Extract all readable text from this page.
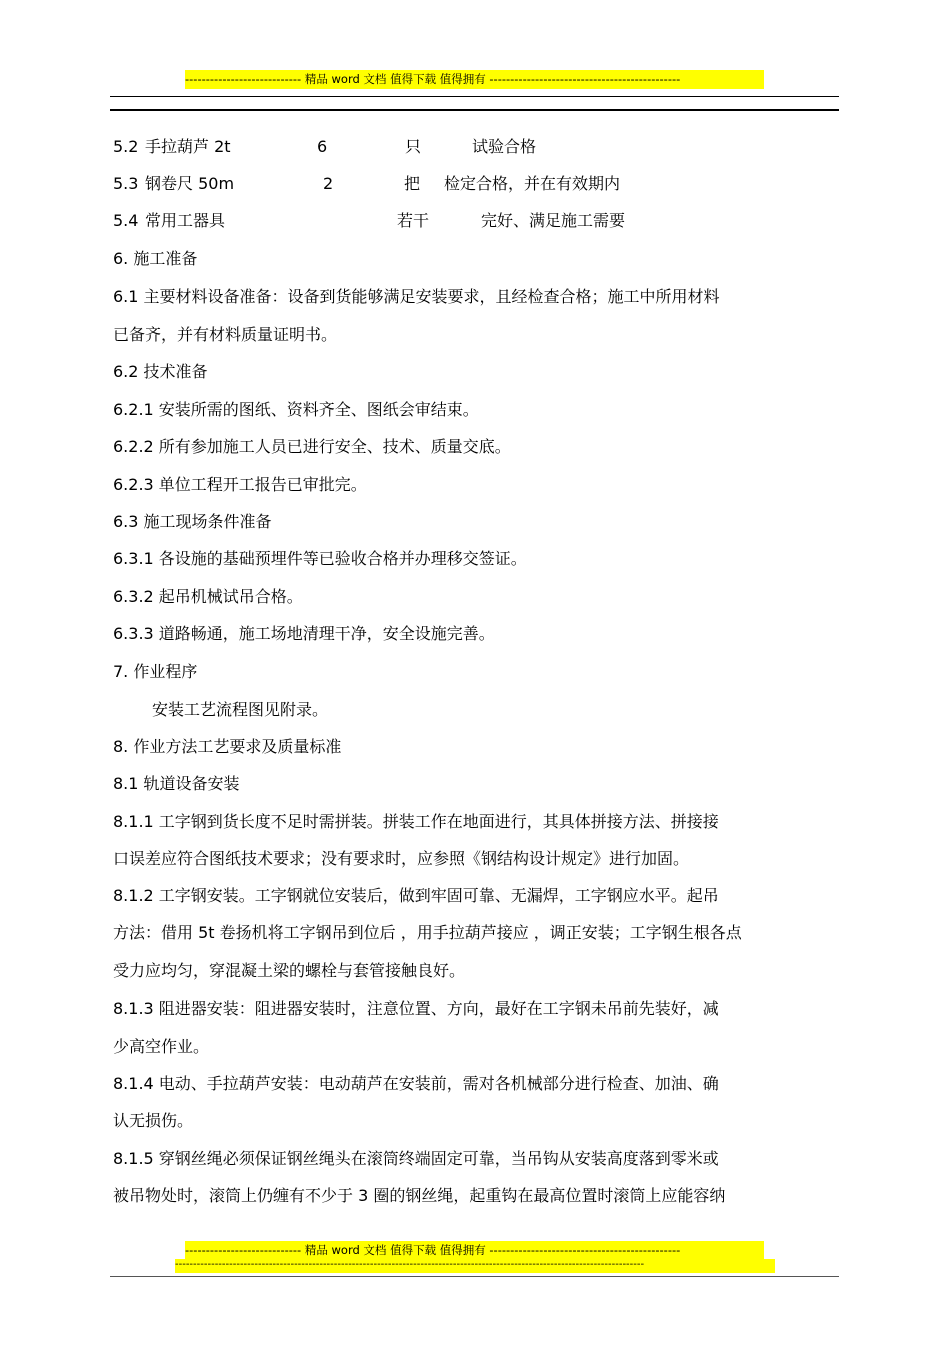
---------------------------- 精品 word 文档 值得下载 值得拥有 ----------------------------------------------
5.2 手拉葫芦 2t	6	只	试验合格
5.3 钢卷尺 50m	2	把 检定合格，并在有效期内
5.4 常用工器具	若干	完好、满足施工需要
6. 施工准备
6.1 主要材料设备准备：设备到货能够满足安装要求，且经检查合格；施工中所用材料
已备齐，并有材料质量证明书。
6.2 技术准备
6.2.1 安装所需的图纸、资料齐全、图纸会审结束。
6.2.2 所有参加施工人员已进行安全、技术、质量交底。
6.2.3 单位工程开工报告已审批完。
6.3 施工现场条件准备
6.3.1 各设施的基础预埋件等已验收合格并办理移交签证。
6.3.2 起吊机械试吊合格。
6.3.3 道路畅通，施工场地清理干净，安全设施完善。
7. 作业程序
安装工艺流程图见附录。
8. 作业方法工艺要求及质量标准
8.1 轨道设备安装
8.1.1 工字钢到货长度不足时需拼装。拼装工作在地面进行，其具体拼接方法、拼接接
口误差应符合图纸技术要求；没有要求时，应参照《钢结构设计规定》进行加固。
8.1.2 工字钢安装。工字钢就位安装后，做到牢固可靠、无漏焊，工字钢应水平。起吊
方法：借用 5t 卷扬机将工字钢吊到位后 ，用手拉葫芦接应 ，调正安装；工字钢生根各点
受力应均匀，穿混凝土梁的螺栓与套管接触良好。
8.1.3 阻进器安装：阻进器安装时，注意位置、方向，最好在工字钢未吊前先装好，减
少高空作业。
8.1.4 电动、手拉葫芦安装：电动葫芦在安装前，需对各机械部分进行检查、加油、确
认无损伤。
8.1.5 穿钢丝绳必须保证钢丝绳头在滚筒终端固定可靠，当吊钩从安装高度落到零米或
被吊物处时，滚筒上仍缠有不少于 3 圈的钢丝绳，起重钩在最高位置时滚筒上应能容纳
---------------------------- 精品 word 文档 值得下载 值得拥有 ----------------------------------------------
----------------------------------------------------------------------------------------------------------------------------------
